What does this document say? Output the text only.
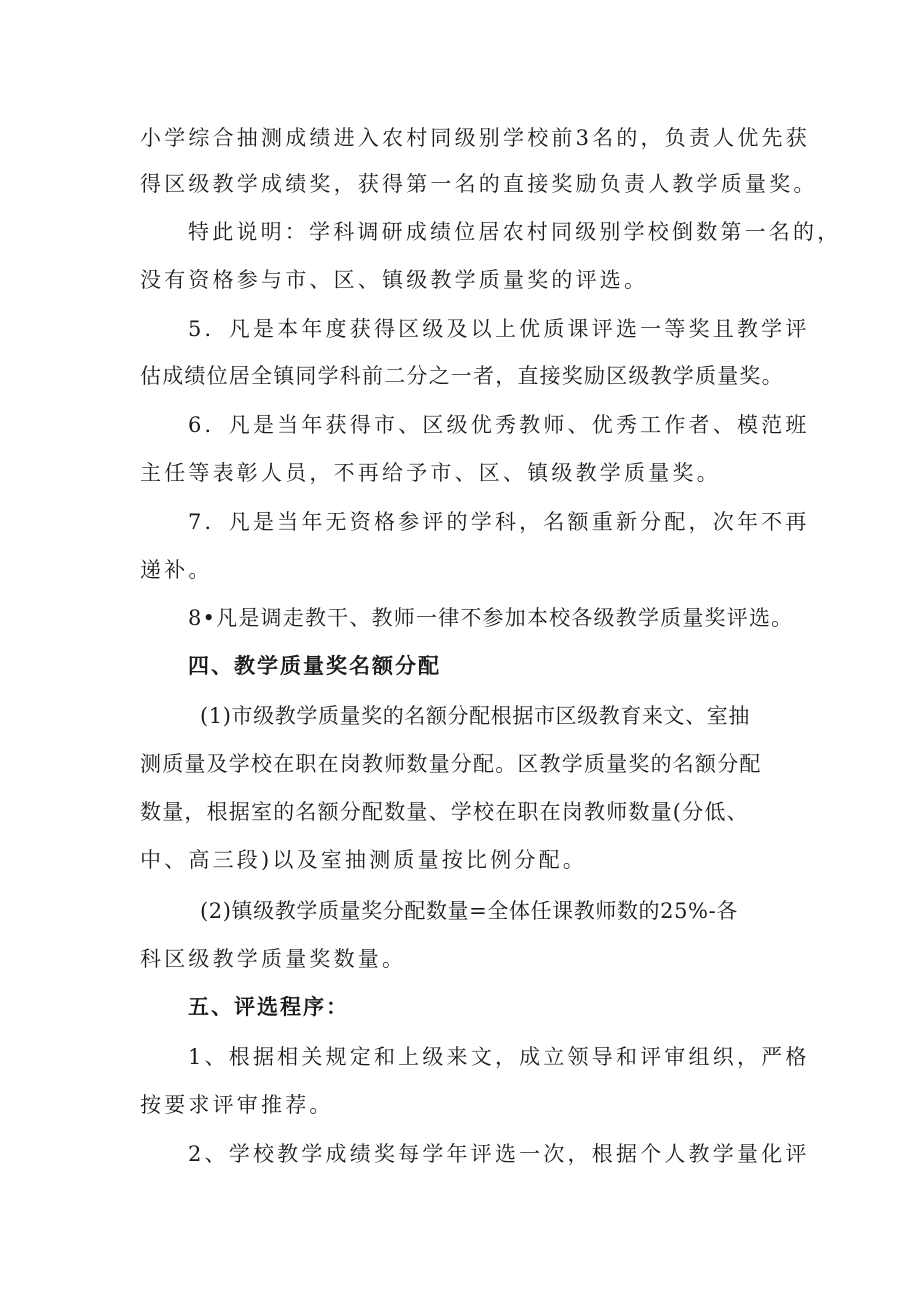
小学综合抽测成绩进入农村同级别学校前3名的，负责人优先获
得区级教学成绩奖，获得第一名的直接奖励负责人教学质量奖。
特此说明：学科调研成绩位居农村同级别学校倒数第一名的，
没有资格参与市、区、镇级教学质量奖的评选。
5．凡是本年度获得区级及以上优质课评选一等奖且教学评
估成绩位居全镇同学科前二分之一者，直接奖励区级教学质量奖。
6．凡是当年获得市、区级优秀教师、优秀工作者、模范班
主任等表彰人员，不再给予市、区、镇级教学质量奖。
7．凡是当年无资格参评的学科，名额重新分配，次年不再
递补。
8•凡是调走教干、教师一律不参加本校各级教学质量奖评选。
四、教学质量奖名额分配
(1)市级教学质量奖的名额分配根据市区级教育来文、室抽
测质量及学校在职在岗教师数量分配。区教学质量奖的名额分配
数量，根据室的名额分配数量、学校在职在岗教师数量(分低、
中、高三段)以及室抽测质量按比例分配。
(2)镇级教学质量奖分配数量=全体任课教师数的25%-各
科区级教学质量奖数量。
五、评选程序：
1、根据相关规定和上级来文，成立领导和评审组织，严格
按要求评审推荐。
2、学校教学成绩奖每学年评选一次，根据个人教学量化评
